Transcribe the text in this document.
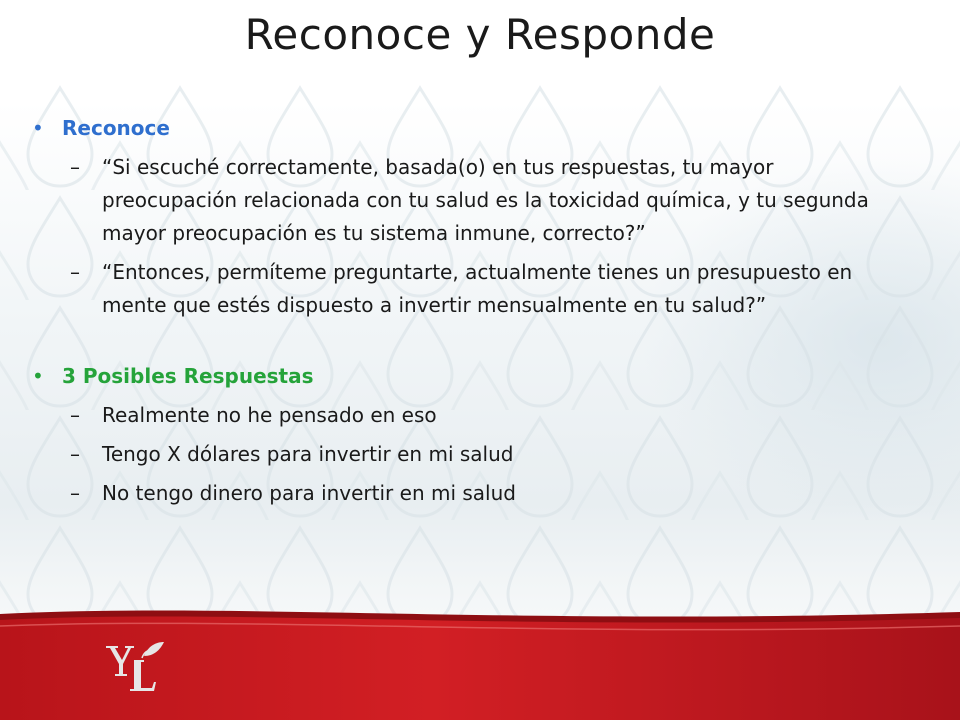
Reconoce y Responde
• Reconoce
–	“Si escuché correctamente, basada(o) en tus respuestas, tu mayor preocupación relacionada con tu salud es la toxicidad química, y tu segunda mayor preocupación es tu sistema inmune, correcto?”
–	“Entonces, permíteme preguntarte, actualmente tienes un presupuesto en mente que estés dispuesto a invertir mensualmente en tu salud?”
• 3 Posibles Respuestas
–	Realmente no he pensado en eso
–	Tengo X dólares para invertir en mi salud
–	No tengo dinero para invertir en mi salud
